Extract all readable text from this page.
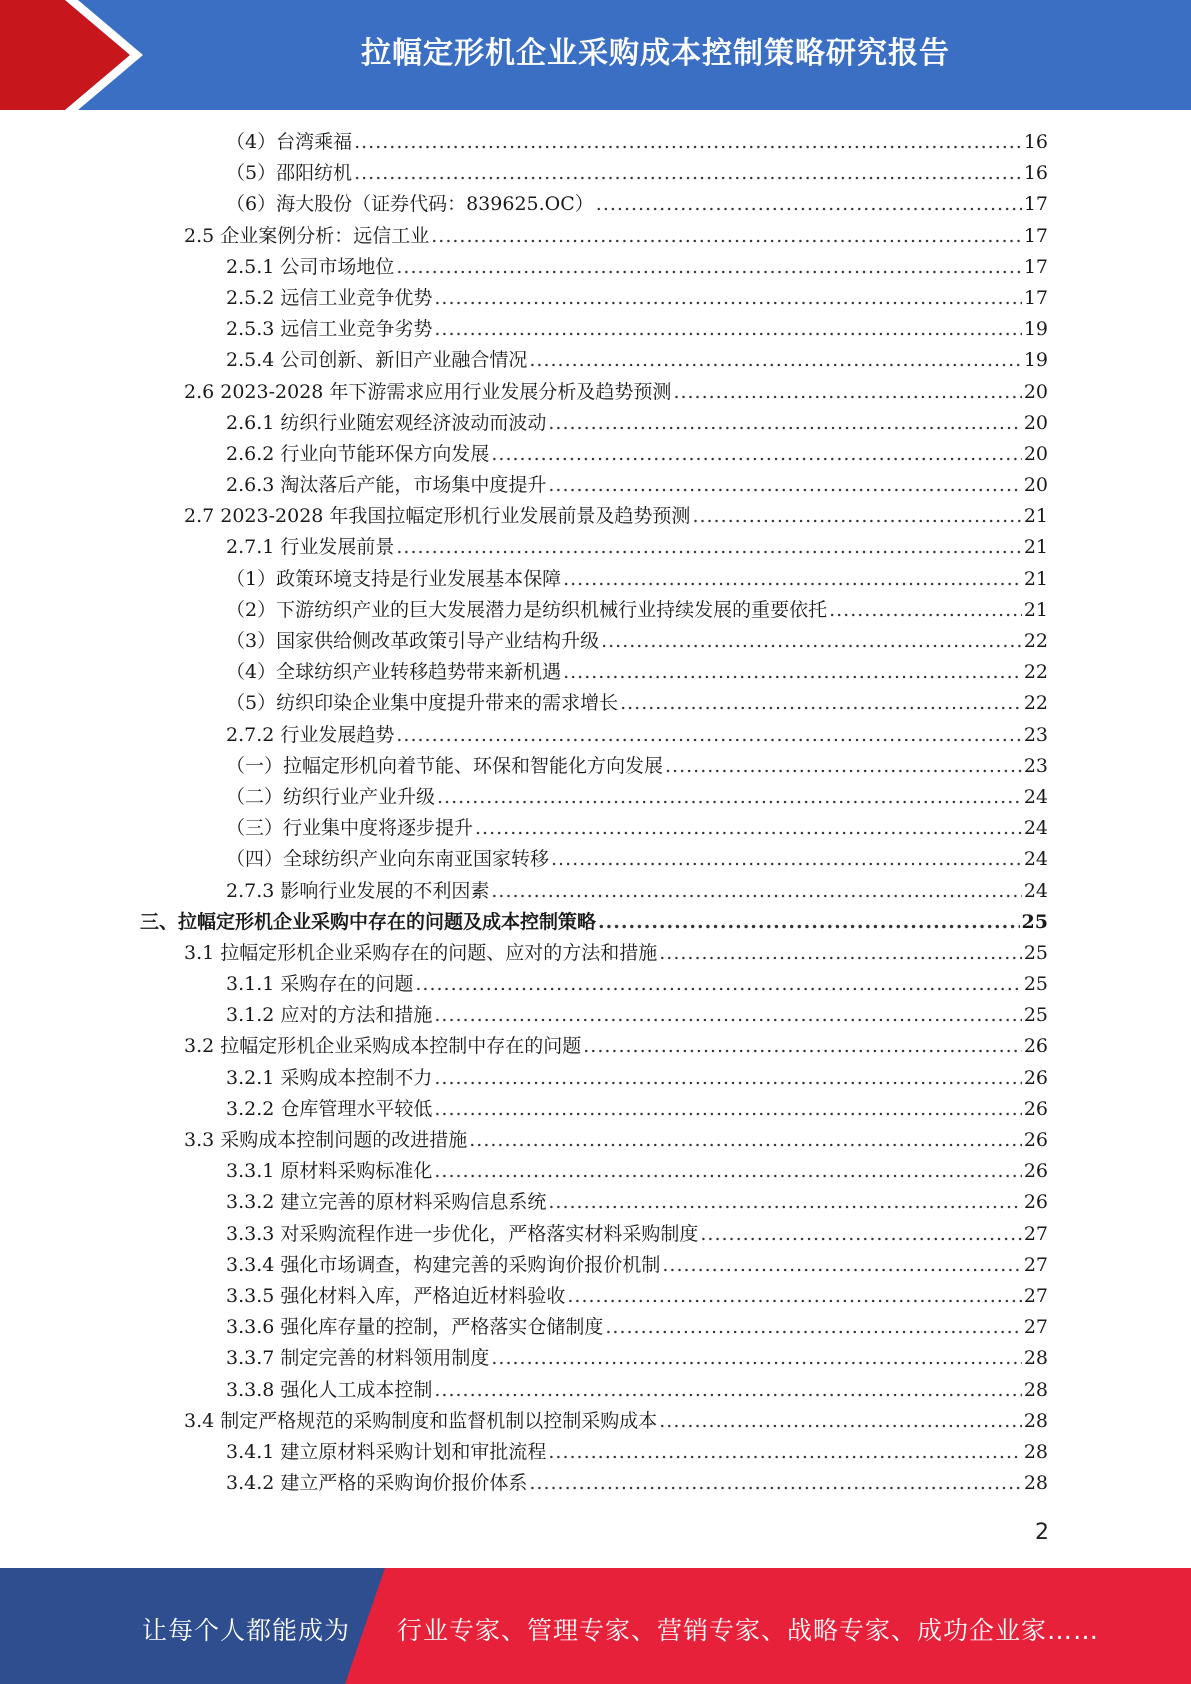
拉幅定形机企业采购成本控制策略研究报告
（4）台湾乘福 .....	16
（5）邵阳纺机 .....	16
（6）海大股份（证券代码：839625.OC） .....	17
2.5 企业案例分析：远信工业 .....	17
2.5.1 公司市场地位 .....	17
2.5.2 远信工业竞争优势 .....	17
2.5.3 远信工业竞争劣势 .....	19
2.5.4 公司创新、新旧产业融合情况 .....	19
2.6 2023-2028 年下游需求应用行业发展分析及趋势预测 .....	20
2.6.1 纺织行业随宏观经济波动而波动 .....	20
2.6.2 行业向节能环保方向发展 .....	20
2.6.3 淘汰落后产能，市场集中度提升 .....	20
2.7 2023-2028 年我国拉幅定形机行业发展前景及趋势预测 .....	21
2.7.1 行业发展前景 .....	21
（1）政策环境支持是行业发展基本保障 .....	21
（2）下游纺织产业的巨大发展潜力是纺织机械行业持续发展的重要依托 .....	21
（3）国家供给侧改革政策引导产业结构升级 .....	22
（4）全球纺织产业转移趋势带来新机遇 .....	22
（5）纺织印染企业集中度提升带来的需求增长 .....	22
2.7.2 行业发展趋势 .....	23
（一）拉幅定形机向着节能、环保和智能化方向发展 .....	23
（二）纺织行业产业升级 .....	24
（三）行业集中度将逐步提升 .....	24
（四）全球纺织产业向东南亚国家转移 .....	24
2.7.3 影响行业发展的不利因素 .....	24
三、拉幅定形机企业采购中存在的问题及成本控制策略 .....	25
3.1 拉幅定形机企业采购存在的问题、应对的方法和措施 .....	25
3.1.1 采购存在的问题 .....	25
3.1.2 应对的方法和措施 .....	25
3.2 拉幅定形机企业采购成本控制中存在的问题 .....	26
3.2.1 采购成本控制不力 .....	26
3.2.2 仓库管理水平较低 .....	26
3.3 采购成本控制问题的改进措施 .....	26
3.3.1 原材料采购标准化 .....	26
3.3.2 建立完善的原材料采购信息系统 .....	26
3.3.3 对采购流程作进一步优化，严格落实材料采购制度 .....	27
3.3.4 强化市场调查，构建完善的采购询价报价机制 .....	27
3.3.5 强化材料入库，严格迫近材料验收 .....	27
3.3.6 强化库存量的控制，严格落实仓储制度 .....	27
3.3.7 制定完善的材料领用制度 .....	28
3.3.8 强化人工成本控制 .....	28
3.4 制定严格规范的采购制度和监督机制以控制采购成本 .....	28
3.4.1 建立原材料采购计划和审批流程 .....	28
3.4.2 建立严格的采购询价报价体系 .....	28
2
让每个人都能成为 行业专家、管理专家、营销专家、战略专家、成功企业家……
